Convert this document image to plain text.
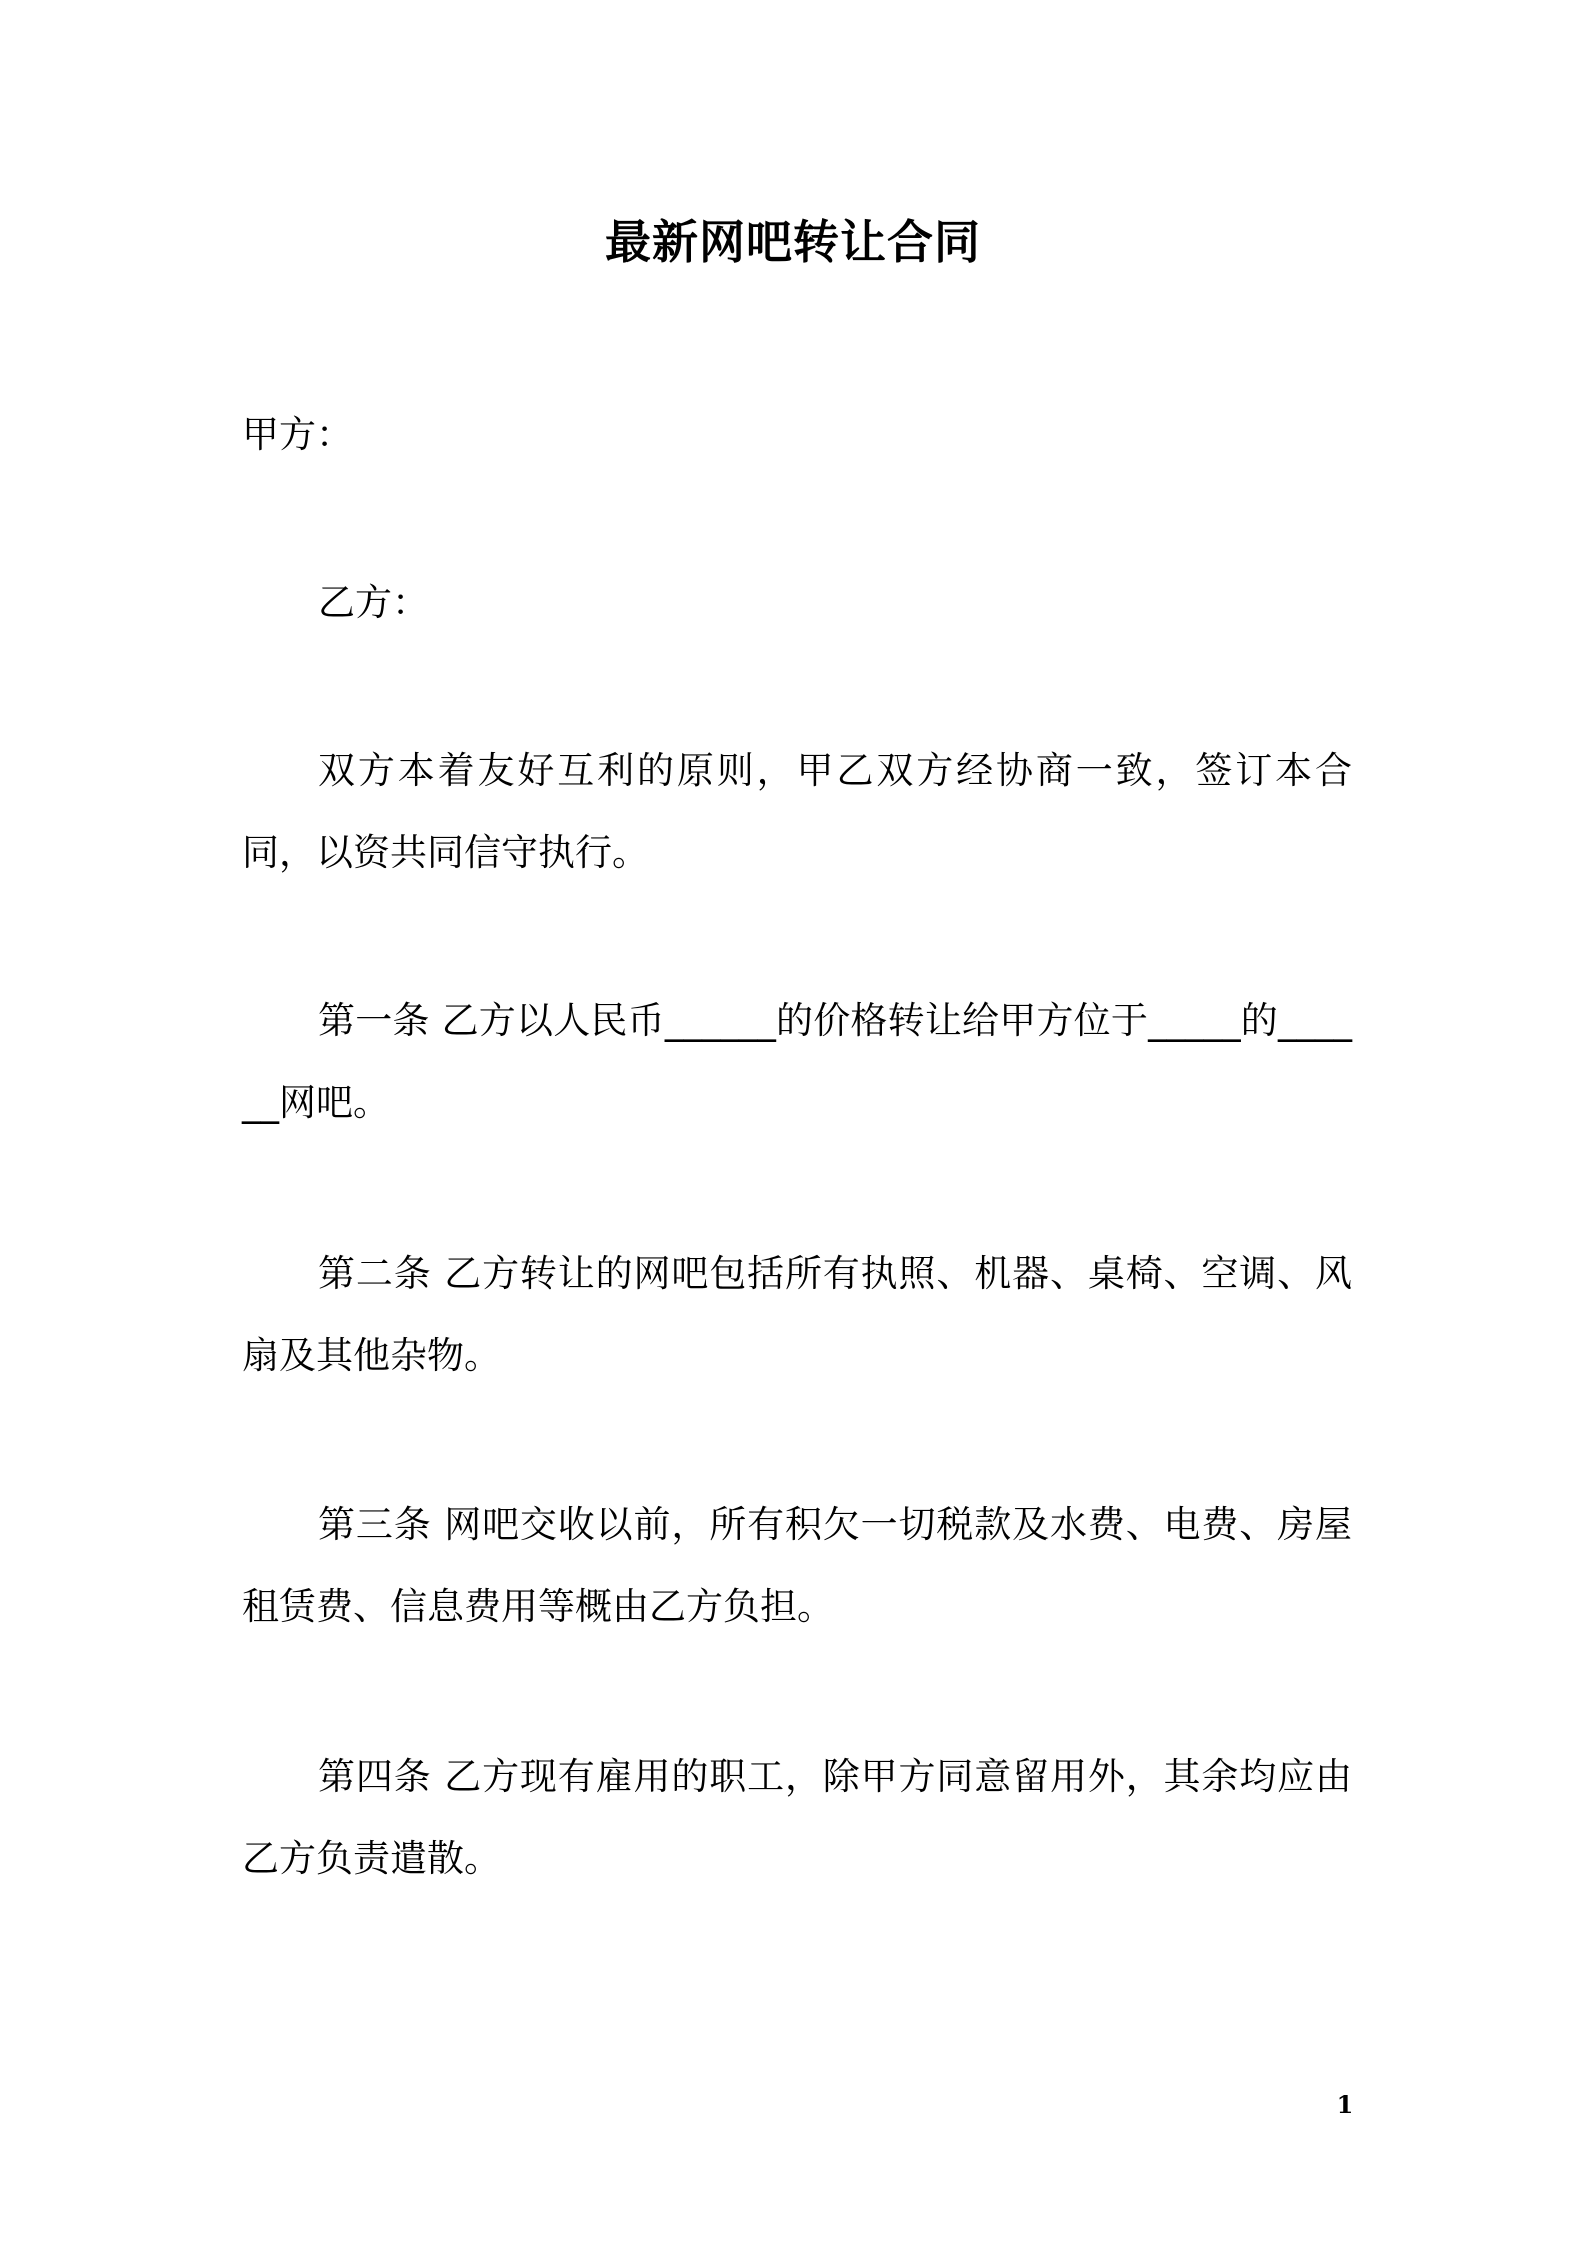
最新网吧转让合同

甲方：

乙方：

双方本着友好互利的原则，甲乙双方经协商一致，签订本合同，以资共同信守执行。

第一条 乙方以人民币______的价格转让给甲方位于_____的______网吧。

第二条 乙方转让的网吧包括所有执照、机器、桌椅、空调、风扇及其他杂物。

第三条 网吧交收以前，所有积欠一切税款及水费、电费、房屋租赁费、信息费用等概由乙方负担。

第四条 乙方现有雇用的职工，除甲方同意留用外，其余均应由乙方负责遣散。

1
